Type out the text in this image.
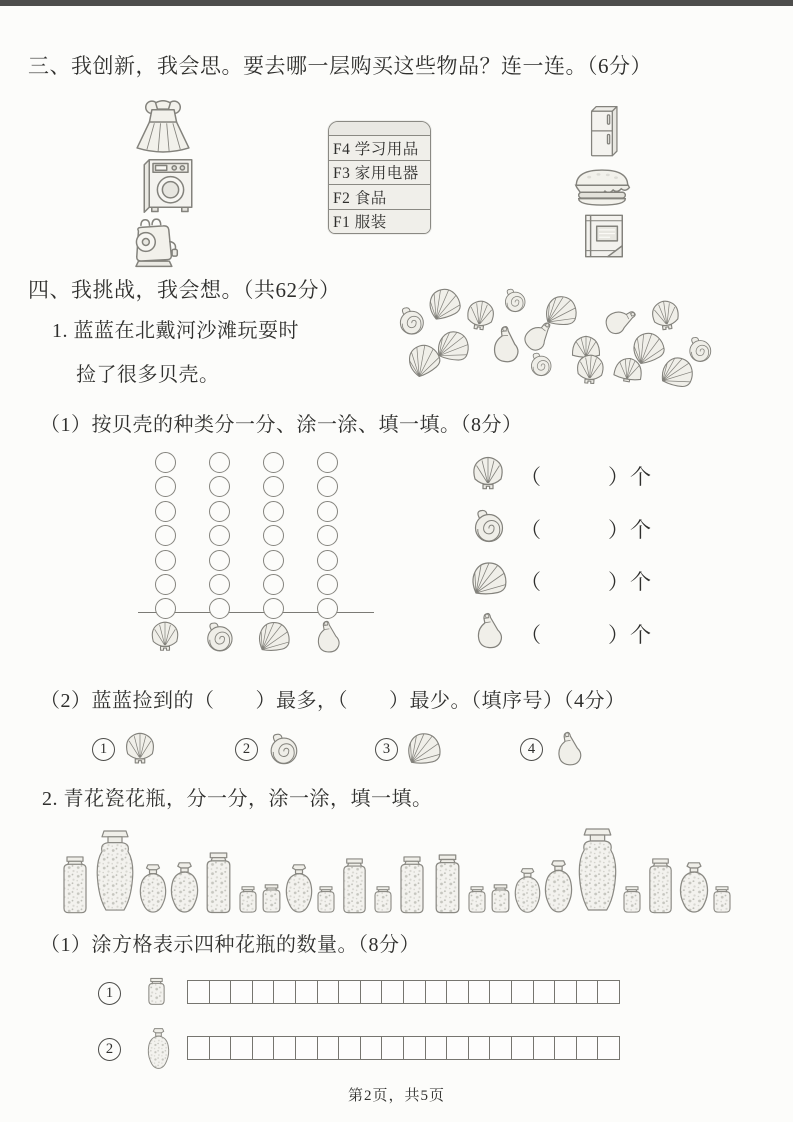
三、我创新，我会思。要去哪一层购买这些物品？连一连。（6分）
F4 学习用品
F3 家用电器
F2 食品
F1 服装
四、我挑战，我会想。（共62分）
1. 蓝蓝在北戴河沙滩玩耍时
捡了很多贝壳。
（1）按贝壳的种类分一分、涂一涂、填一填。（8分）
（　　　）个
（　　　）个
（　　　）个
（　　　）个
（2）蓝蓝捡到的（　　）最多，（　　）最少。（填序号）（4分）
1	2	3	4
2. 青花瓷花瓶，分一分，涂一涂，填一填。
（1）涂方格表示四种花瓶的数量。（8分）
1
2
第2页，共5页
